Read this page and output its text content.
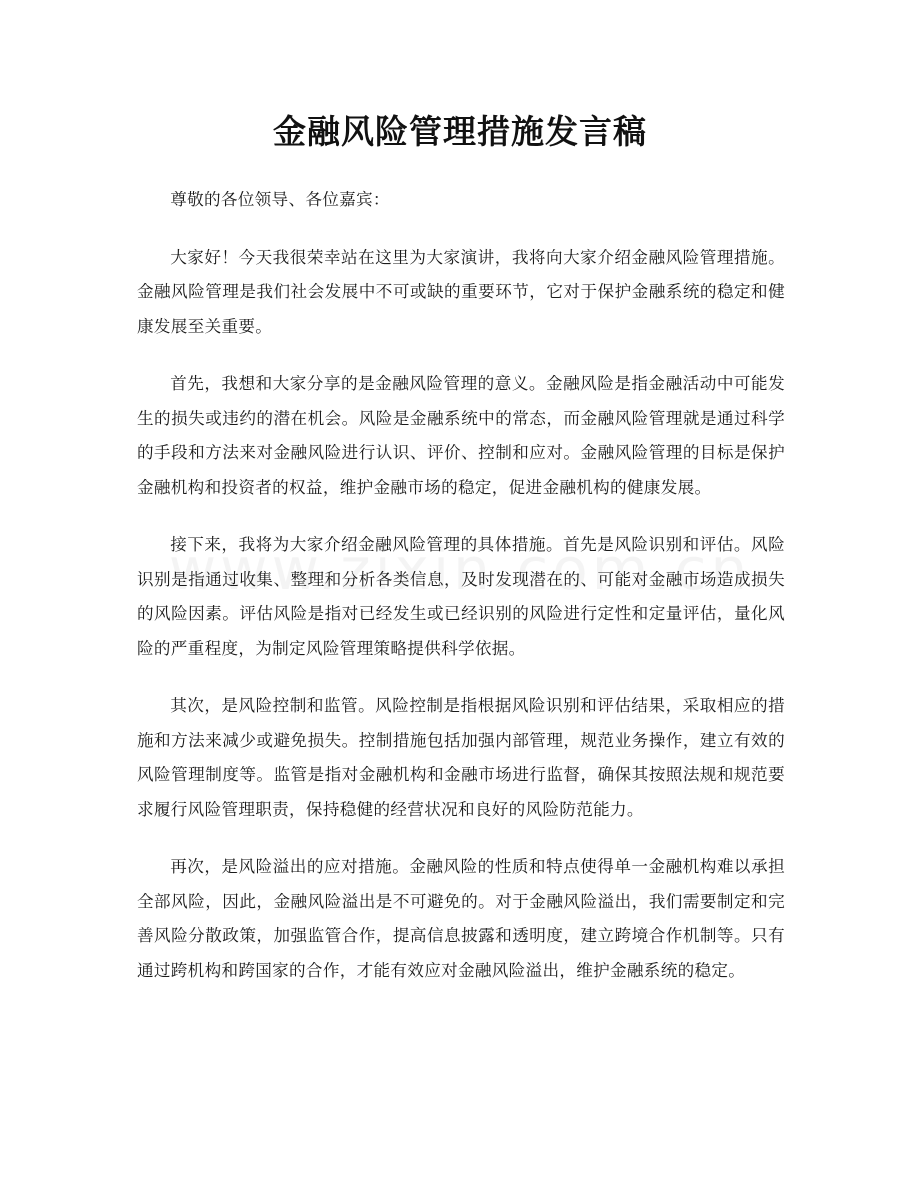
金融风险管理措施发言稿

尊敬的各位领导、各位嘉宾：

大家好！今天我很荣幸站在这里为大家演讲，我将向大家介绍金融风险管理措施。金融风险管理是我们社会发展中不可或缺的重要环节，它对于保护金融系统的稳定和健康发展至关重要。

首先，我想和大家分享的是金融风险管理的意义。金融风险是指金融活动中可能发生的损失或违约的潜在机会。风险是金融系统中的常态，而金融风险管理就是通过科学的手段和方法来对金融风险进行认识、评价、控制和应对。金融风险管理的目标是保护金融机构和投资者的权益，维护金融市场的稳定，促进金融机构的健康发展。

接下来，我将为大家介绍金融风险管理的具体措施。首先是风险识别和评估。风险识别是指通过收集、整理和分析各类信息，及时发现潜在的、可能对金融市场造成损失的风险因素。评估风险是指对已经发生或已经识别的风险进行定性和定量评估，量化风险的严重程度，为制定风险管理策略提供科学依据。

其次，是风险控制和监管。风险控制是指根据风险识别和评估结果，采取相应的措施和方法来减少或避免损失。控制措施包括加强内部管理，规范业务操作，建立有效的风险管理制度等。监管是指对金融机构和金融市场进行监督，确保其按照法规和规范要求履行风险管理职责，保持稳健的经营状况和良好的风险防范能力。

再次，是风险溢出的应对措施。金融风险的性质和特点使得单一金融机构难以承担全部风险，因此，金融风险溢出是不可避免的。对于金融风险溢出，我们需要制定和完善风险分散政策，加强监管合作，提高信息披露和透明度，建立跨境合作机制等。只有通过跨机构和跨国家的合作，才能有效应对金融风险溢出，维护金融系统的稳定。
